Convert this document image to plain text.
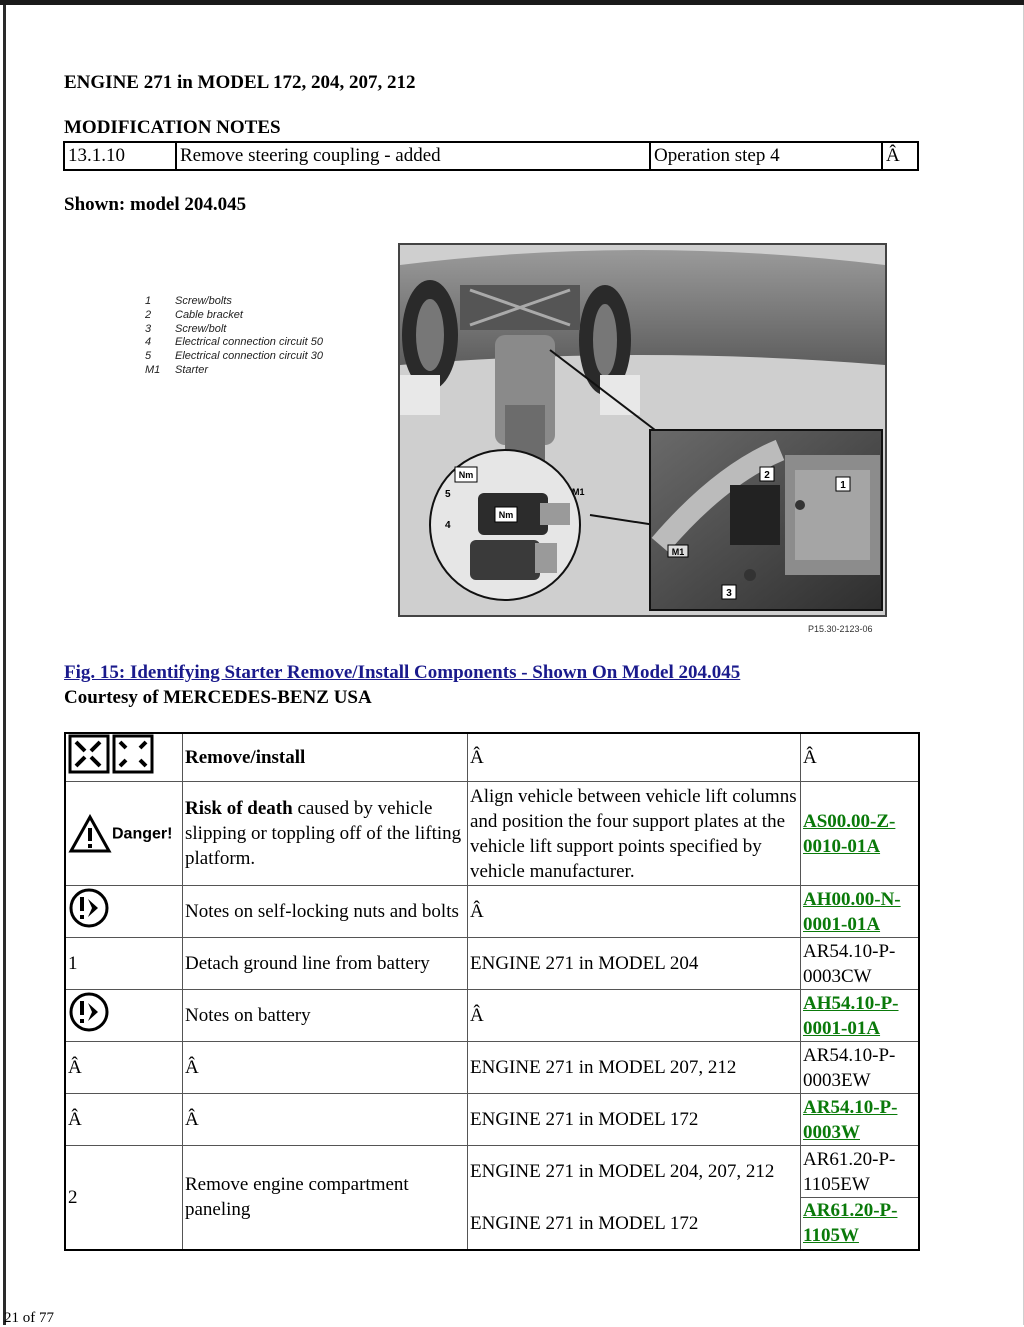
ENGINE 271 in MODEL 172, 204, 207, 212
MODIFICATION NOTES
13.1.10	Remove steering coupling - added	Operation step 4	Â
Shown: model 204.045
1 Screw/bolts
2 Cable bracket
3 Screw/bolt
4 Electrical connection circuit 50
5 Electrical connection circuit 30
M1 Starter
2
1
3
M1
Nm
Nm
5
4
M1
P15.30-2123-06
Fig. 15: Identifying Starter Remove/Install Components - Shown On Model 204.045
Courtesy of MERCEDES-BENZ USA
	Remove/install	Â	Â
Danger!	Risk of death caused by vehicle slipping or toppling off of the lifting platform.	Align vehicle between vehicle lift columns and position the four support plates at the vehicle lift support points specified by vehicle manufacturer.	AS00.00-Z-0010-01A
	Notes on self-locking nuts and bolts	Â	AH00.00-N-0001-01A
1	Detach ground line from battery	ENGINE 271 in MODEL 204	AR54.10-P-0003CW
	Notes on battery	Â	AH54.10-P-0001-01A
Â	Â	ENGINE 271 in MODEL 207, 212	AR54.10-P-0003EW
Â	Â	ENGINE 271 in MODEL 172	AR54.10-P-0003W
2	Remove engine compartment paneling	ENGINE 271 in MODEL 204, 207, 212	AR61.20-P-1105EW
		ENGINE 271 in MODEL 172	AR61.20-P-1105W
21 of 77
